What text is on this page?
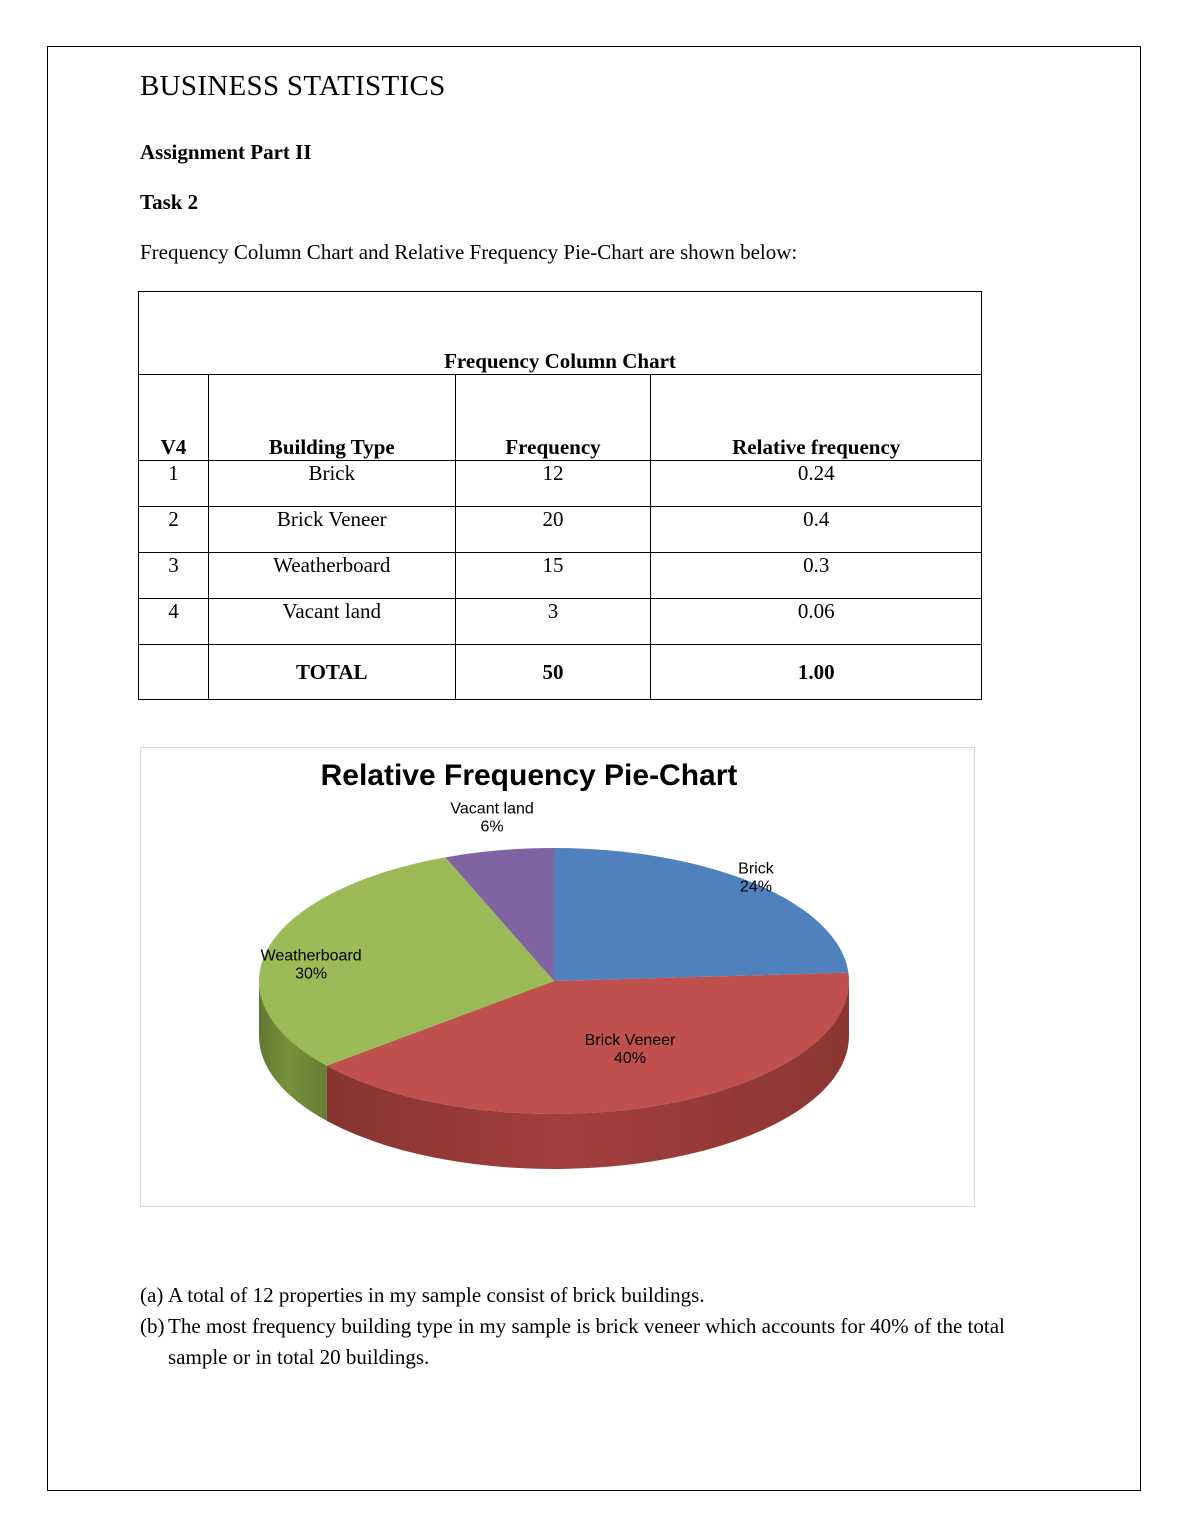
BUSINESS STATISTICS
Assignment Part II
Task 2
Frequency Column Chart and Relative Frequency Pie-Chart are shown below:
Frequency Column Chart			
V4	Building Type	Frequency	Relative frequency
1	Brick	12	0.24
2	Brick Veneer	20	0.4
3	Weatherboard	15	0.3
4	Vacant land	3	0.06
	TOTAL	50	1.00
Relative Frequency Pie-Chart
Brick
24%
Brick Veneer
40%
Weatherboard
30%
Vacant land
6%
(a) A total of 12 properties in my sample consist of brick buildings.
(b) The most frequency building type in my sample is brick veneer which accounts for 40% of the total sample or in total 20 buildings.
